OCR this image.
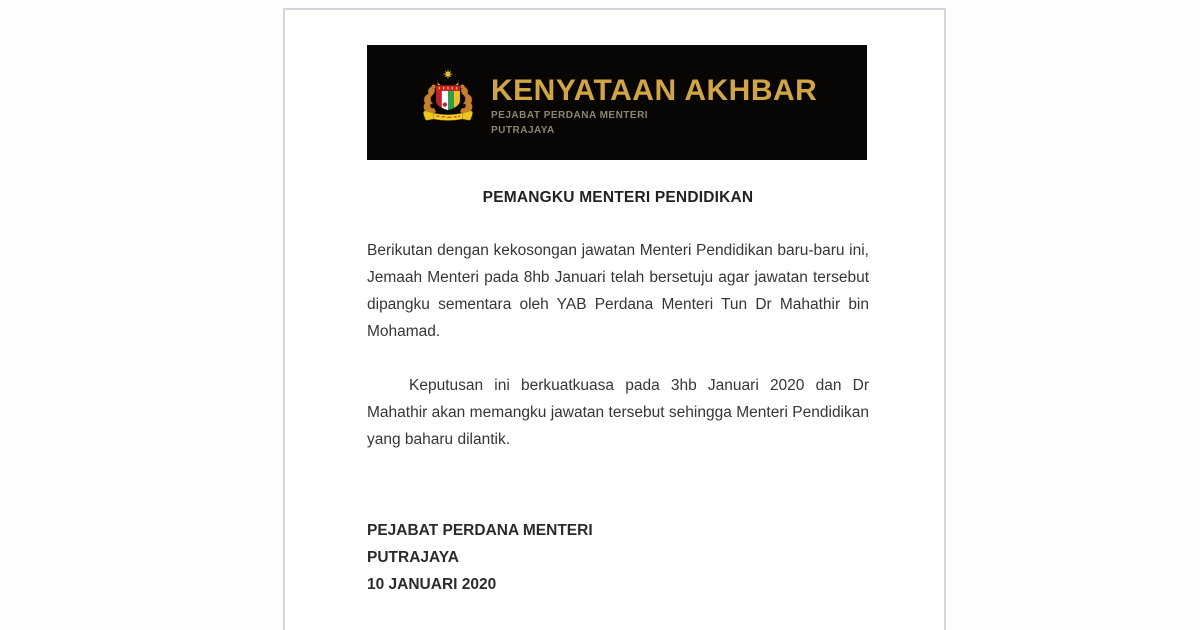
KENYATAAN AKHBAR
PEJABAT PERDANA MENTERI
PUTRAJAYA
PEMANGKU MENTERI PENDIDIKAN

Berikutan dengan kekosongan jawatan Menteri Pendidikan baru-baru ini, Jemaah Menteri pada 8hb Januari telah bersetuju agar jawatan tersebut dipangku sementara oleh YAB Perdana Menteri Tun Dr Mahathir bin Mohamad.

Keputusan ini berkuatkuasa pada 3hb Januari 2020 dan Dr Mahathir akan memangku jawatan tersebut sehingga Menteri Pendidikan yang baharu dilantik.

PEJABAT PERDANA MENTERI
PUTRAJAYA
10 JANUARI 2020
